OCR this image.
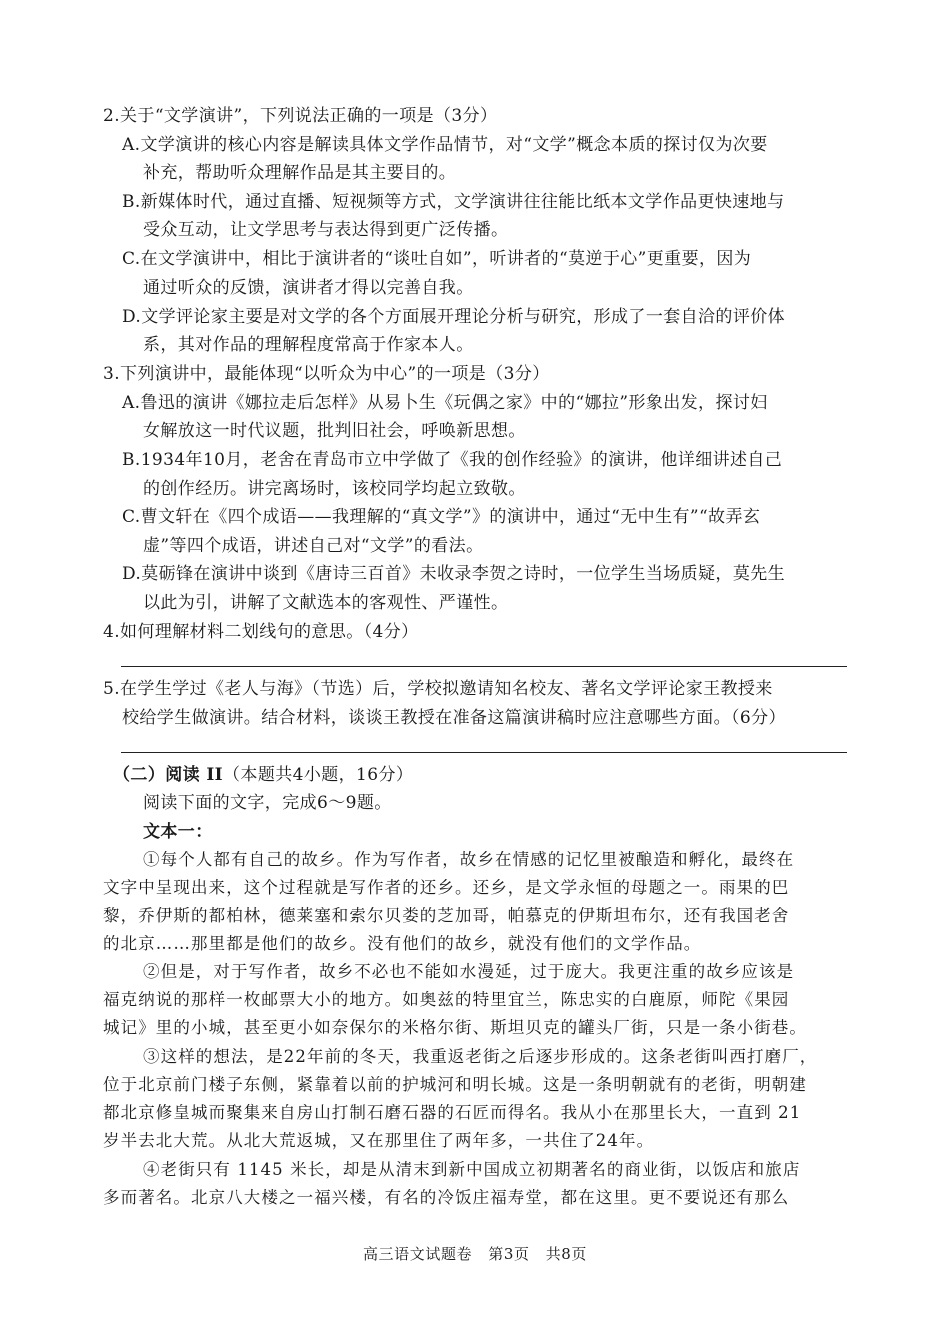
2.关于“文学演讲”，下列说法正确的一项是（3分）
A.文学演讲的核心内容是解读具体文学作品情节，对“文学”概念本质的探讨仅为次要
补充，帮助听众理解作品是其主要目的。
B.新媒体时代，通过直播、短视频等方式，文学演讲往往能比纸本文学作品更快速地与
受众互动，让文学思考与表达得到更广泛传播。
C.在文学演讲中，相比于演讲者的“谈吐自如”，听讲者的“莫逆于心”更重要，因为
通过听众的反馈，演讲者才得以完善自我。
D.文学评论家主要是对文学的各个方面展开理论分析与研究，形成了一套自洽的评价体
系，其对作品的理解程度常高于作家本人。
3.下列演讲中，最能体现“以听众为中心”的一项是（3分）
A.鲁迅的演讲《娜拉走后怎样》从易卜生《玩偶之家》中的“娜拉”形象出发，探讨妇
女解放这一时代议题，批判旧社会，呼唤新思想。
B.1934年10月，老舍在青岛市立中学做了《我的创作经验》的演讲，他详细讲述自己
的创作经历。讲完离场时，该校同学均起立致敬。
C.曹文轩在《四个成语——我理解的“真文学”》的演讲中，通过“无中生有”“故弄玄
虚”等四个成语，讲述自己对“文学”的看法。
D.莫砺锋在演讲中谈到《唐诗三百首》未收录李贺之诗时，一位学生当场质疑，莫先生
以此为引，讲解了文献选本的客观性、严谨性。
4.如何理解材料二划线句的意思。（4分）
5.在学生学过《老人与海》（节选）后，学校拟邀请知名校友、著名文学评论家王教授来
校给学生做演讲。结合材料，谈谈王教授在准备这篇演讲稿时应注意哪些方面。（6分）
（二）阅读 II（本题共4小题，16分）
阅读下面的文字，完成6～9题。
文本一：
①每个人都有自己的故乡。作为写作者，故乡在情感的记忆里被酿造和孵化，最终在
文字中呈现出来，这个过程就是写作者的还乡。还乡，是文学永恒的母题之一。雨果的巴
黎，乔伊斯的都柏林，德莱塞和索尔贝娄的芝加哥，帕慕克的伊斯坦布尔，还有我国老舍
的北京……那里都是他们的故乡。没有他们的故乡，就没有他们的文学作品。
②但是，对于写作者，故乡不必也不能如水漫延，过于庞大。我更注重的故乡应该是
福克纳说的那样一枚邮票大小的地方。如奥兹的特里宜兰，陈忠实的白鹿原，师陀《果园
城记》里的小城，甚至更小如奈保尔的米格尔街、斯坦贝克的罐头厂街，只是一条小街巷。
③这样的想法，是22年前的冬天，我重返老街之后逐步形成的。这条老街叫西打磨厂，
位于北京前门楼子东侧，紧靠着以前的护城河和明长城。这是一条明朝就有的老街，明朝建
都北京修皇城而聚集来自房山打制石磨石器的石匠而得名。我从小在那里长大，一直到 21
岁半去北大荒。从北大荒返城，又在那里住了两年多，一共住了24年。
④老街只有 1145 米长，却是从清末到新中国成立初期著名的商业街，以饭店和旅店
多而著名。北京八大楼之一福兴楼，有名的冷饭庄福寿堂，都在这里。更不要说还有那么
高三语文试题卷   第3页   共8页
